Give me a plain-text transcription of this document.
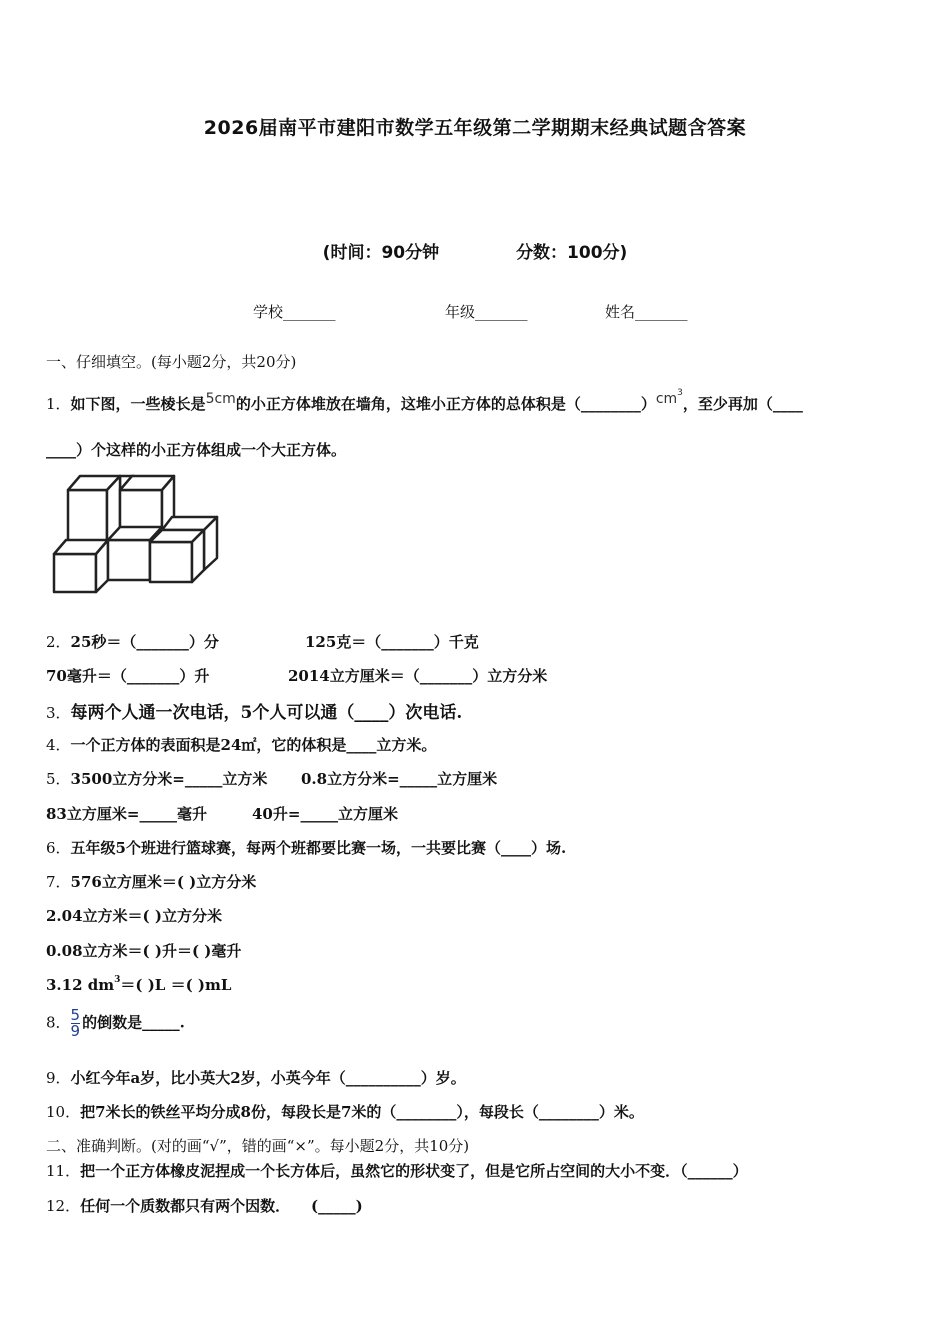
2026届南平市建阳市数学五年级第二学期期末经典试题含答案
(时间：90分钟	分数：100分)
学校_______	年级_______	姓名_______
一、仔细填空。(每小题2分，共20分)
1．如下图，一些棱长是5cm的小正方体堆放在墙角，这堆小正方体的总体积是$(\_\_\_\_\_\_\_\_)cm^3$，至少再加（____
____）个这样的小正方体组成一个大正方体。
2．25秒＝（_______）分	125克＝（_______）千克
70毫升＝（_______）升	2014立方厘米＝（_______）立方分米
3．每两个人通一次电话，5个人可以通（____）次电话.
4．一个正方体的表面积是24㎡，它的体积是____立方米。
5．3500立方分米=_____立方米 0.8立方分米=_____立方厘米
83立方厘米=_____毫升	40升=_____立方厘米
6．五年级5个班进行篮球赛，每两个班都要比赛一场，一共要比赛（____）场.
7．576立方厘米＝( )立方分米
2.04立方米＝( )立方分米
0.08立方米＝( )升＝( )毫升
3.12 $dm^3=$( )L ＝( )mL
8．$\frac{5}{9}$ 的倒数是_____.
9．小红今年a岁，比小英大2岁，小英今年（__________）岁。
10．把7米长的铁丝平均分成8份，每段长是7米的（________），每段长（________）米。
二、准确判断。(对的画“√”，错的画“×”。每小题2分，共10分)
11．把一个正方体橡皮泥捏成一个长方体后，虽然它的形状变了，但是它所占空间的大小不变．（______）
12．任何一个质数都只有两个因数．    (_____)
